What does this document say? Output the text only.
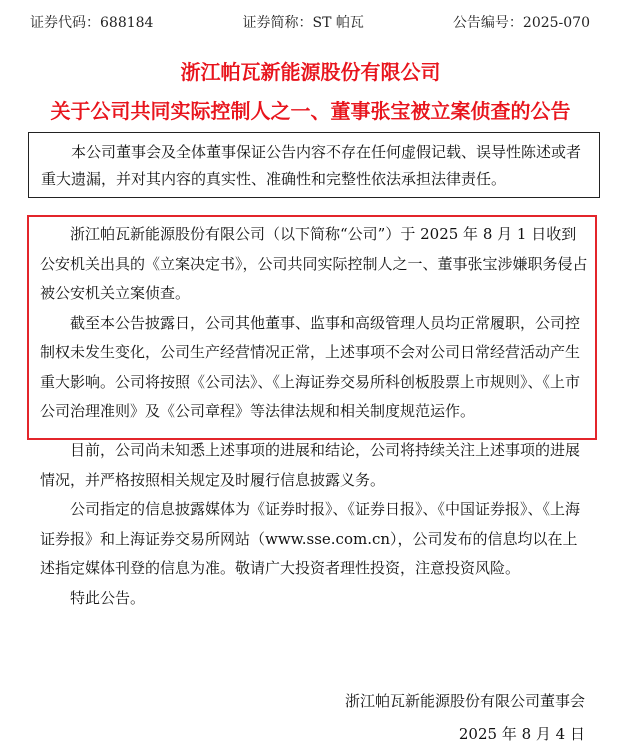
证券代码：688184	证券简称：ST 帕瓦	公告编号：2025-070
浙江帕瓦新能源股份有限公司
关于公司共同实际控制人之一、董事张宝被立案侦查的公告

本公司董事会及全体董事保证公告内容不存在任何虚假记载、误导性陈述或者重大遗漏，并对其内容的真实性、准确性和完整性依法承担法律责任。

浙江帕瓦新能源股份有限公司（以下简称“公司”）于 2025 年 8 月 1 日收到公安机关出具的《立案决定书》，公司共同实际控制人之一、董事张宝涉嫌职务侵占被公安机关立案侦查。

截至本公告披露日，公司其他董事、监事和高级管理人员均正常履职，公司控制权未发生变化，公司生产经营情况正常，上述事项不会对公司日常经营活动产生重大影响。公司将按照《公司法》、《上海证券交易所科创板股票上市规则》、《上市公司治理准则》及《公司章程》等法律法规和相关制度规范运作。

目前，公司尚未知悉上述事项的进展和结论，公司将持续关注上述事项的进展情况，并严格按照相关规定及时履行信息披露义务。

公司指定的信息披露媒体为《证券时报》、《证券日报》、《中国证券报》、《上海证券报》和上海证券交易所网站（www.sse.com.cn），公司发布的信息均以在上述指定媒体刊登的信息为准。敬请广大投资者理性投资，注意投资风险。

特此公告。

浙江帕瓦新能源股份有限公司董事会
2025 年 8 月 4 日
